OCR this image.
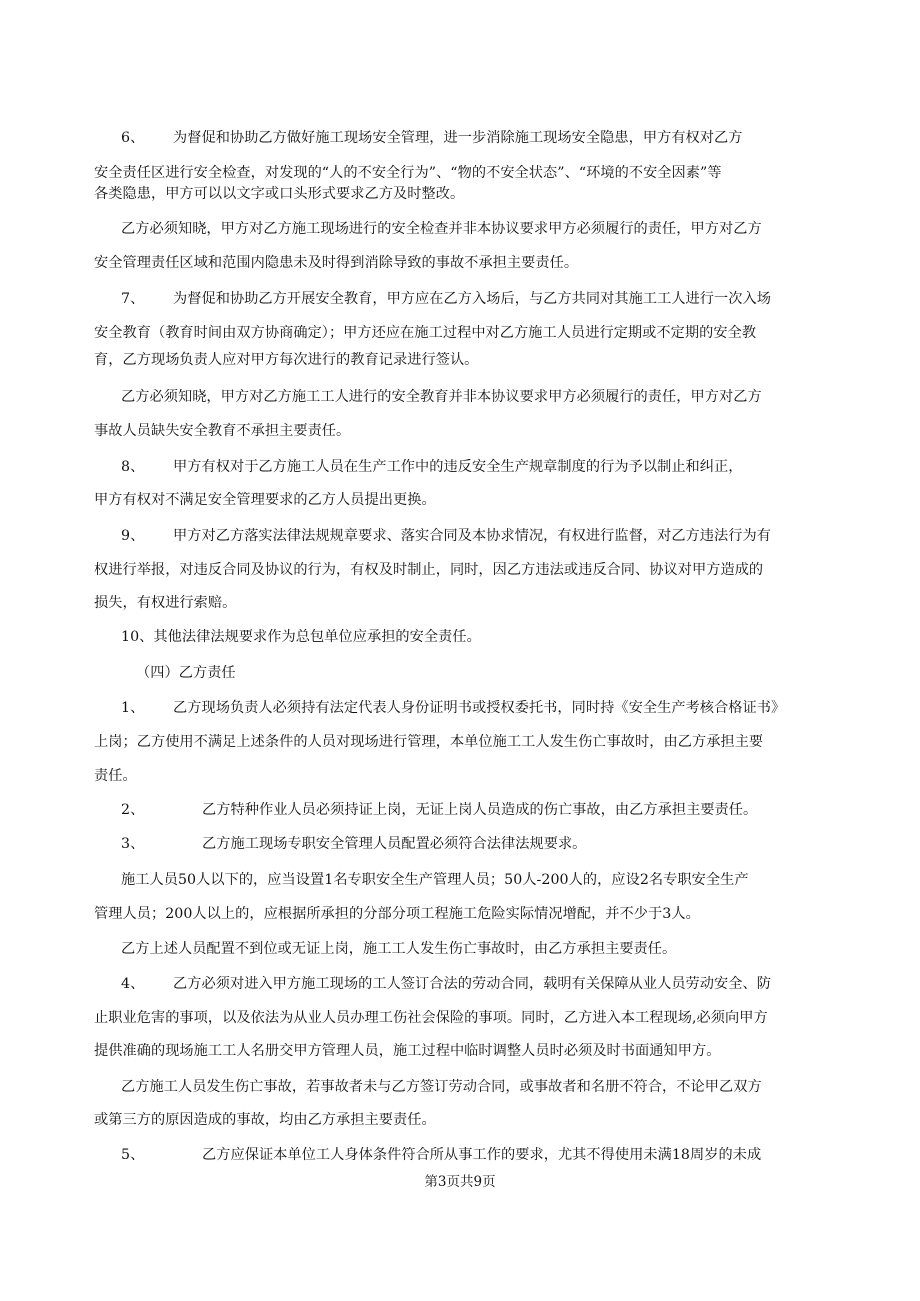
6、 为督促和协助乙方做好施工现场安全管理，进一步消除施工现场安全隐患，甲方有权对乙方
安全责任区进行安全检查，对发现的“人的不安全行为”、“物的不安全状态”、“环境的不安全因素”等
各类隐患，甲方可以以文字或口头形式要求乙方及时整改。
乙方必须知晓，甲方对乙方施工现场进行的安全检查并非本协议要求甲方必须履行的责任，甲方对乙方
安全管理责任区域和范围内隐患未及时得到消除导致的事故不承担主要责任。
7、 为督促和协助乙方开展安全教育，甲方应在乙方入场后，与乙方共同对其施工工人进行一次入场
安全教育（教育时间由双方协商确定）；甲方还应在施工过程中对乙方施工人员进行定期或不定期的安全教
育，乙方现场负责人应对甲方每次进行的教育记录进行签认。
乙方必须知晓，甲方对乙方施工工人进行的安全教育并非本协议要求甲方必须履行的责任，甲方对乙方
事故人员缺失安全教育不承担主要责任。
8、 甲方有权对于乙方施工人员在生产工作中的违反安全生产规章制度的行为予以制止和纠正，
甲方有权对不满足安全管理要求的乙方人员提出更换。
9、 甲方对乙方落实法律法规规章要求、落实合同及本协求情况，有权进行监督，对乙方违法行为有
权进行举报，对违反合同及协议的行为，有权及时制止，同时，因乙方违法或违反合同、协议对甲方造成的
损失，有权进行索赔。
10、其他法律法规要求作为总包单位应承担的安全责任。
（四）乙方责任
1、 乙方现场负责人必须持有法定代表人身份证明书或授权委托书，同时持《安全生产考核合格证书》
上岗；乙方使用不满足上述条件的人员对现场进行管理，本单位施工工人发生伤亡事故时，由乙方承担主要
责任。
2、	乙方特种作业人员必须持证上岗，无证上岗人员造成的伤亡事故，由乙方承担主要责任。
3、	乙方施工现场专职安全管理人员配置必须符合法律法规要求。
施工人员50人以下的，应当设置1名专职安全生产管理人员；50人-200人的，应设2名专职安全生产
管理人员；200人以上的，应根据所承担的分部分项工程施工危险实际情况增配，并不少于3人。
乙方上述人员配置不到位或无证上岗，施工工人发生伤亡事故时，由乙方承担主要责任。
4、 乙方必须对进入甲方施工现场的工人签订合法的劳动合同，载明有关保障从业人员劳动安全、防
止职业危害的事项，以及依法为从业人员办理工伤社会保险的事项。同时，乙方进入本工程现场,必须向甲方
提供准确的现场施工工人名册交甲方管理人员，施工过程中临时调整人员时必须及时书面通知甲方。
乙方施工人员发生伤亡事故，若事故者未与乙方签订劳动合同，或事故者和名册不符合，不论甲乙双方
或第三方的原因造成的事故，均由乙方承担主要责任。
5、	乙方应保证本单位工人身体条件符合所从事工作的要求，尤其不得使用未满18周岁的未成
第3页共9页
